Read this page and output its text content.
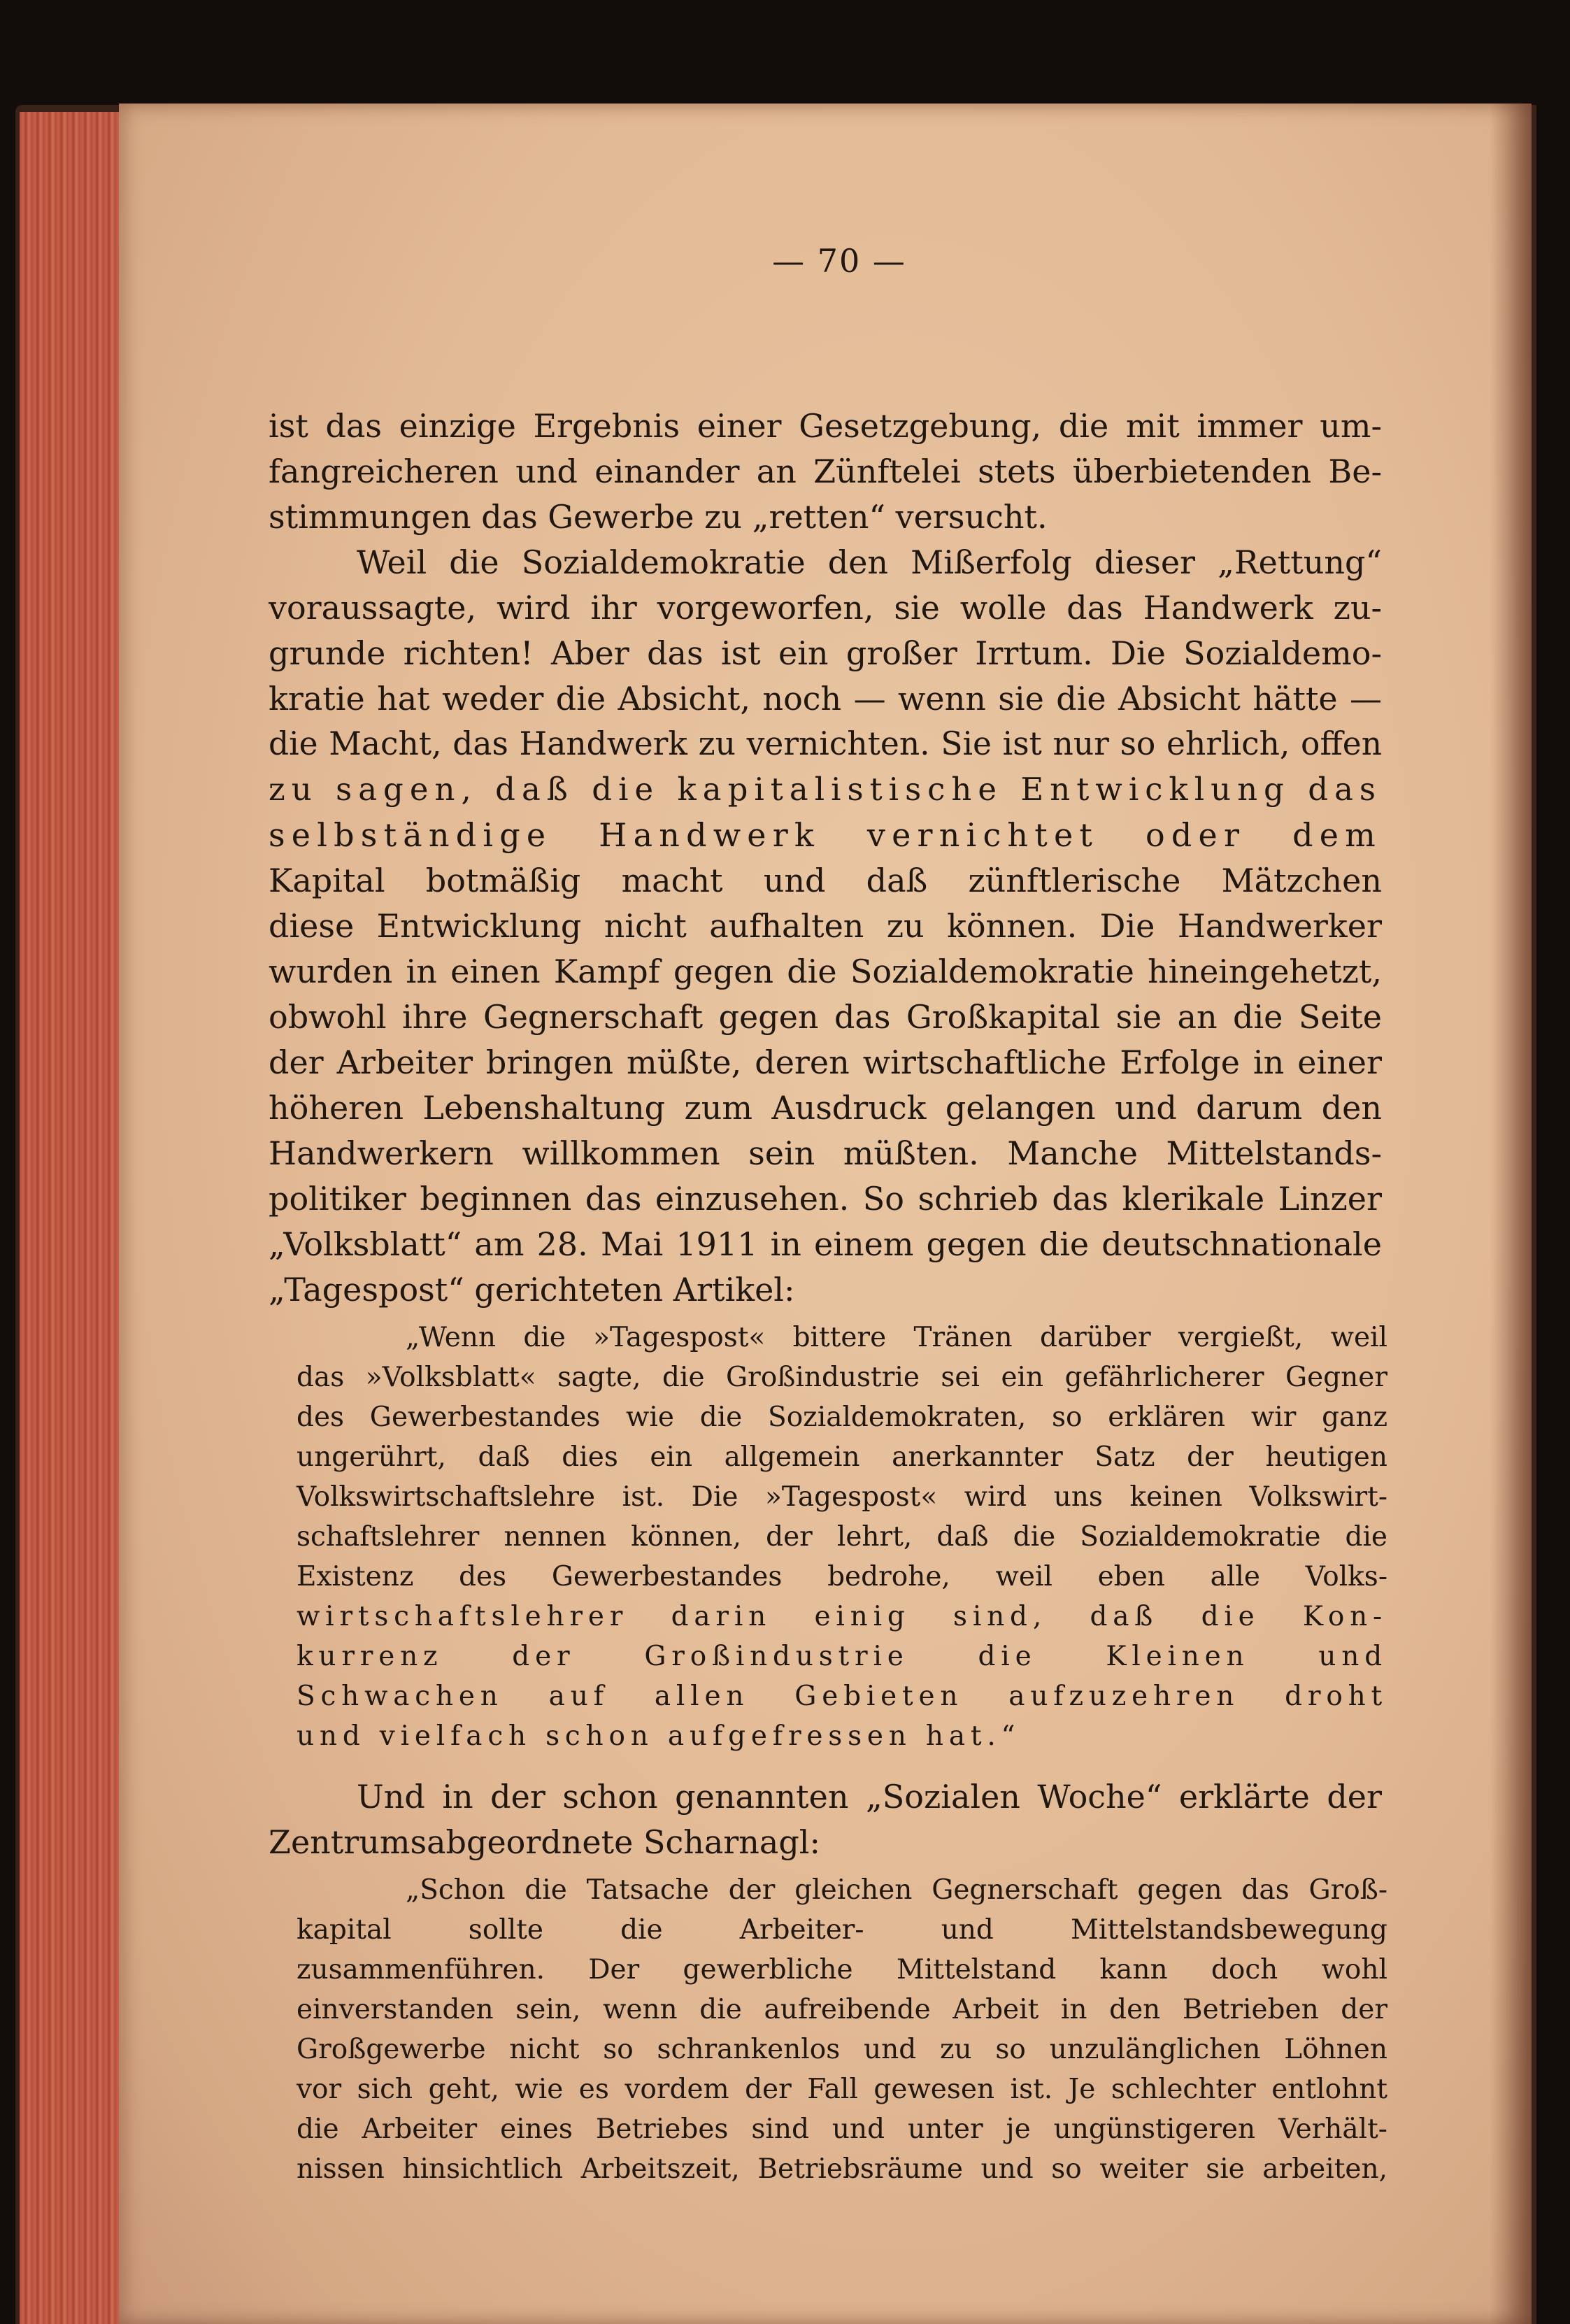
— 70 —
ist das einzige Ergebnis einer Gesetzgebung, die mit immer um-
fangreicheren und einander an Zünftelei stets überbietenden Be-
stimmungen das Gewerbe zu „retten“ versucht.
Weil die Sozialdemokratie den Mißerfolg dieser „Rettung“
voraussagte, wird ihr vorgeworfen, sie wolle das Handwerk zu-
grunde richten! Aber das ist ein großer Irrtum. Die Sozialdemo-
kratie hat weder die Absicht, noch — wenn sie die Absicht hätte —
die Macht, das Handwerk zu vernichten. Sie ist nur so ehrlich, offen
zu sagen, daß die kapitalistische Entwicklung das
selbständige Handwerk vernichtet oder dem
Kapital botmäßig macht und daß zünftlerische Mätzchen
diese Entwicklung nicht aufhalten zu können. Die Handwerker
wurden in einen Kampf gegen die Sozialdemokratie hineingehetzt,
obwohl ihre Gegnerschaft gegen das Großkapital sie an die Seite
der Arbeiter bringen müßte, deren wirtschaftliche Erfolge in einer
höheren Lebenshaltung zum Ausdruck gelangen und darum den
Handwerkern willkommen sein müßten. Manche Mittelstands-
politiker beginnen das einzusehen. So schrieb das klerikale Linzer
„Volksblatt“ am 28. Mai 1911 in einem gegen die deutschnationale
„Tagespost“ gerichteten Artikel:
„Wenn die »Tagespost« bittere Tränen darüber vergießt, weil
das »Volksblatt« sagte, die Großindustrie sei ein gefährlicherer Gegner
des Gewerbestandes wie die Sozialdemokraten, so erklären wir ganz
ungerührt, daß dies ein allgemein anerkannter Satz der heutigen
Volkswirtschaftslehre ist. Die »Tagespost« wird uns keinen Volkswirt-
schaftslehrer nennen können, der lehrt, daß die Sozialdemokratie die
Existenz des Gewerbestandes bedrohe, weil eben alle Volks-
wirtschaftslehrer darin einig sind, daß die Kon-
kurrenz der Großindustrie die Kleinen und
Schwachen auf allen Gebieten aufzuzehren droht
und vielfach schon aufgefressen hat.“
Und in der schon genannten „Sozialen Woche“ erklärte der
Zentrumsabgeordnete Scharnagl:
„Schon die Tatsache der gleichen Gegnerschaft gegen das Groß-
kapital sollte die Arbeiter- und Mittelstandsbewegung
zusammenführen. Der gewerbliche Mittelstand kann doch wohl
einverstanden sein, wenn die aufreibende Arbeit in den Betrieben der
Großgewerbe nicht so schrankenlos und zu so unzulänglichen Löhnen
vor sich geht, wie es vordem der Fall gewesen ist. Je schlechter entlohnt
die Arbeiter eines Betriebes sind und unter je ungünstigeren Verhält-
nissen hinsichtlich Arbeitszeit, Betriebsräume und so weiter sie arbeiten,
